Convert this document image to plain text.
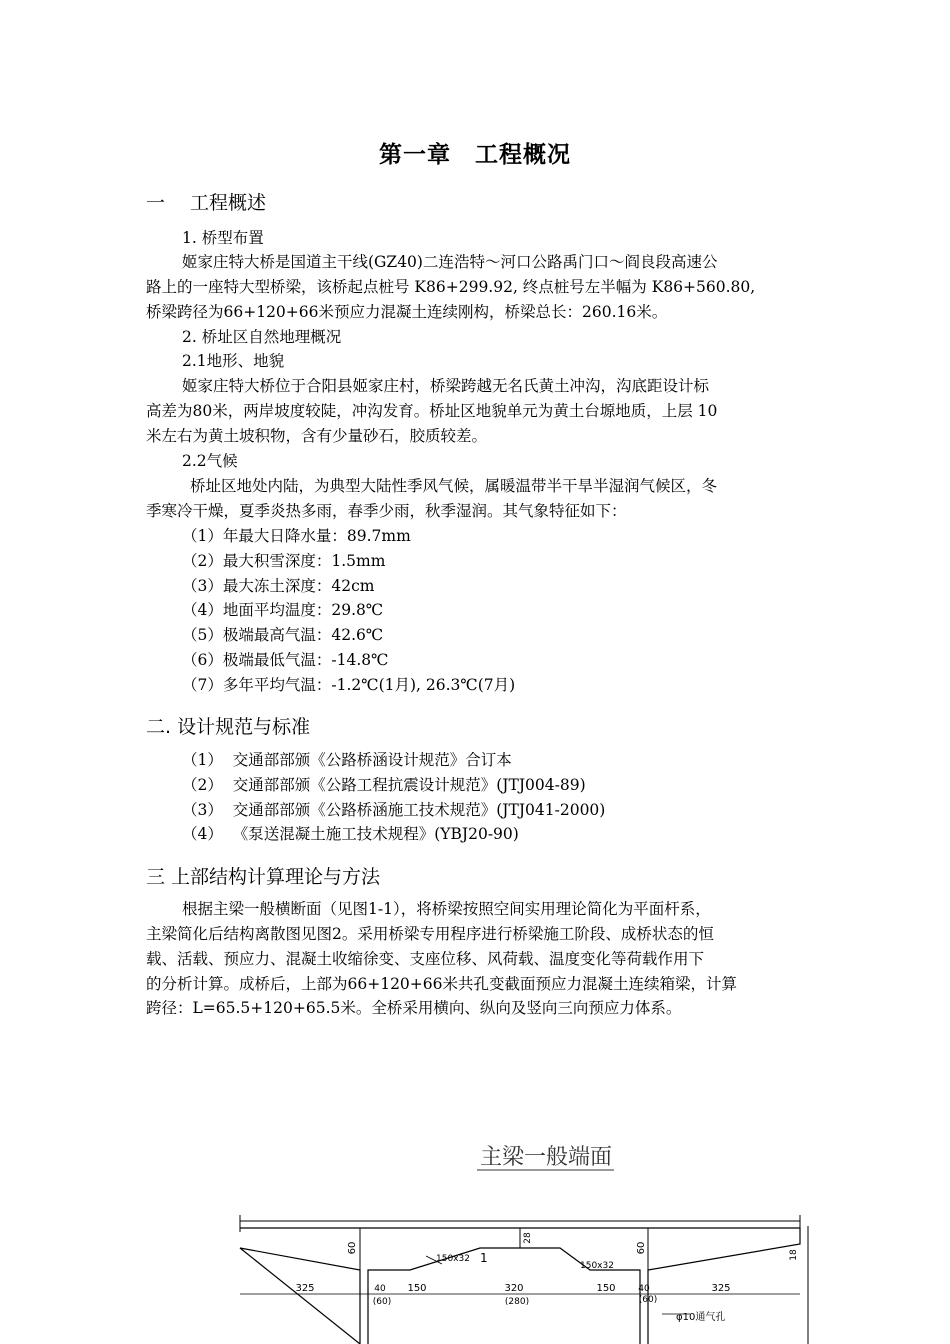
第一章　工程概况
一　 工程概述
1. 桥型布置
姬家庄特大桥是国道主干线(GZ40)二连浩特～河口公路禹门口～阎良段高速公
路上的一座特大型桥梁，该桥起点桩号 K86+299.92, 终点桩号左半幅为 K86+560.80,
桥梁跨径为66+120+66米预应力混凝土连续刚构，桥梁总长：260.16米。
2. 桥址区自然地理概况
2.1地形、地貌
姬家庄特大桥位于合阳县姬家庄村，桥梁跨越无名氏黄土冲沟，沟底距设计标
高差为80米，两岸坡度较陡，冲沟发育。桥址区地貌单元为黄土台塬地质，上层 10
米左右为黄土坡积物，含有少量砂石，胶质较差。
2.2气候
桥址区地处内陆，为典型大陆性季风气候，属暖温带半干旱半湿润气候区，冬
季寒冷干燥，夏季炎热多雨，春季少雨，秋季湿润。其气象特征如下：
（1）年最大日降水量：89.7mm
（2）最大积雪深度：1.5mm
（3）最大冻土深度：42cm
（4）地面平均温度：29.8℃
（5）极端最高气温：42.6℃
（6）极端最低气温：-14.8℃
（7）多年平均气温：-1.2℃(1月), 26.3℃(7月)
二. 设计规范与标准
（1）  交通部部颁《公路桥涵设计规范》合订本
（2）  交通部部颁《公路工程抗震设计规范》(JTJ004-89)
（3）  交通部部颁《公路桥涵施工技术规范》(JTJ041-2000)
（4）  《泵送混凝土施工技术规程》(YBJ20-90)
三 上部结构计算理论与方法
根据主梁一般横断面（见图1-1），将桥梁按照空间实用理论简化为平面杆系，
主梁简化后结构离散图见图2。采用桥梁专用程序进行桥梁施工阶段、成桥状态的恒
载、活载、预应力、混凝土收缩徐变、支座位移、风荷载、温度变化等荷载作用下
的分析计算。成桥后，上部为66+120+66米共孔变截面预应力混凝土连续箱梁，计算
跨径：L=65.5+120+65.5米。全桥采用横向、纵向及竖向三向预应力体系。
主梁一般端面
60	60
28
18
150x32 1
150x32
325	40
(60)
150	320
(280)
150	40
(60)
325
φ10通气孔
